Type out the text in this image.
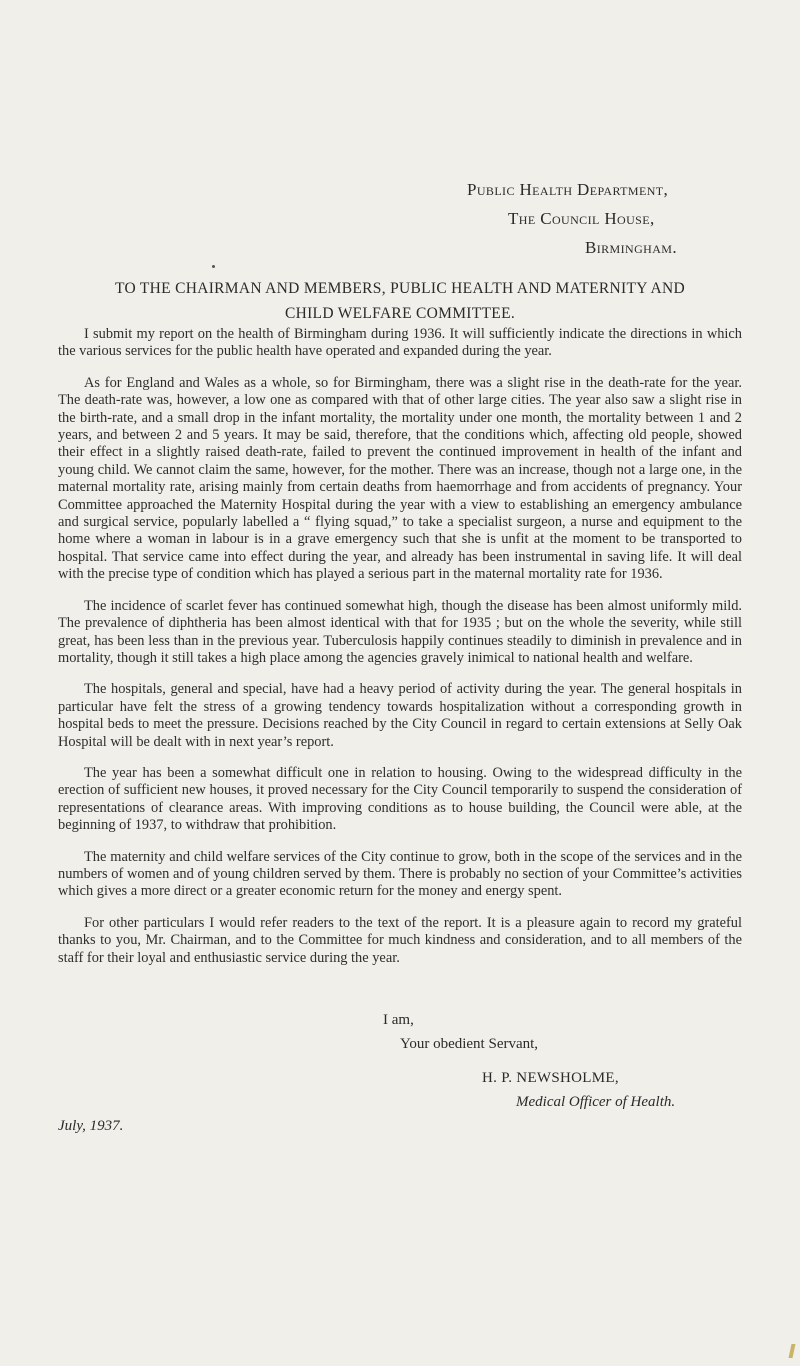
Public Health Department,
The Council House,
Birmingham.
TO THE CHAIRMAN AND MEMBERS, PUBLIC HEALTH AND MATERNITY AND
CHILD WELFARE COMMITTEE.

I submit my report on the health of Birmingham during 1936. It will sufficiently indicate the directions in which the various services for the public health have operated and expanded during the year.

As for England and Wales as a whole, so for Birmingham, there was a slight rise in the death-rate for the year. The death-rate was, however, a low one as compared with that of other large cities. The year also saw a slight rise in the birth-rate, and a small drop in the infant mortality, the mortality under one month, the mortality between 1 and 2 years, and between 2 and 5 years. It may be said, therefore, that the conditions which, affecting old people, showed their effect in a slightly raised death-rate, failed to prevent the continued improvement in health of the infant and young child. We cannot claim the same, however, for the mother. There was an increase, though not a large one, in the maternal mortality rate, arising mainly from certain deaths from haemorrhage and from accidents of pregnancy. Your Committee approached the Maternity Hospital during the year with a view to establishing an emergency ambulance and surgical service, popularly labelled a “ flying squad,” to take a specialist surgeon, a nurse and equipment to the home where a woman in labour is in a grave emergency such that she is unfit at the moment to be transported to hospital. That service came into effect during the year, and already has been instrumental in saving life. It will deal with the precise type of condition which has played a serious part in the maternal mortality rate for 1936.

The incidence of scarlet fever has continued somewhat high, though the disease has been almost uniformly mild. The prevalence of diphtheria has been almost identical with that for 1935 ; but on the whole the severity, while still great, has been less than in the previous year. Tuberculosis happily continues steadily to diminish in prevalence and in mortality, though it still takes a high place among the agencies gravely inimical to national health and welfare.

The hospitals, general and special, have had a heavy period of activity during the year. The general hospitals in particular have felt the stress of a growing tendency towards hospitalization without a corresponding growth in hospital beds to meet the pressure. Decisions reached by the City Council in regard to certain extensions at Selly Oak Hospital will be dealt with in next year’s report.

The year has been a somewhat difficult one in relation to housing. Owing to the widespread difficulty in the erection of sufficient new houses, it proved necessary for the City Council temporarily to suspend the consideration of representations of clearance areas. With improving conditions as to house building, the Council were able, at the beginning of 1937, to withdraw that prohibition.

The maternity and child welfare services of the City continue to grow, both in the scope of the services and in the numbers of women and of young children served by them. There is probably no section of your Committee’s activities which gives a more direct or a greater economic return for the money and energy spent.

For other particulars I would refer readers to the text of the report. It is a pleasure again to record my grateful thanks to you, Mr. Chairman, and to the Committee for much kindness and consideration, and to all members of the staff for their loyal and enthusiastic service during the year.

I am,
Your obedient Servant,
H. P. NEWSHOLME,
Medical Officer of Health.
July, 1937.
